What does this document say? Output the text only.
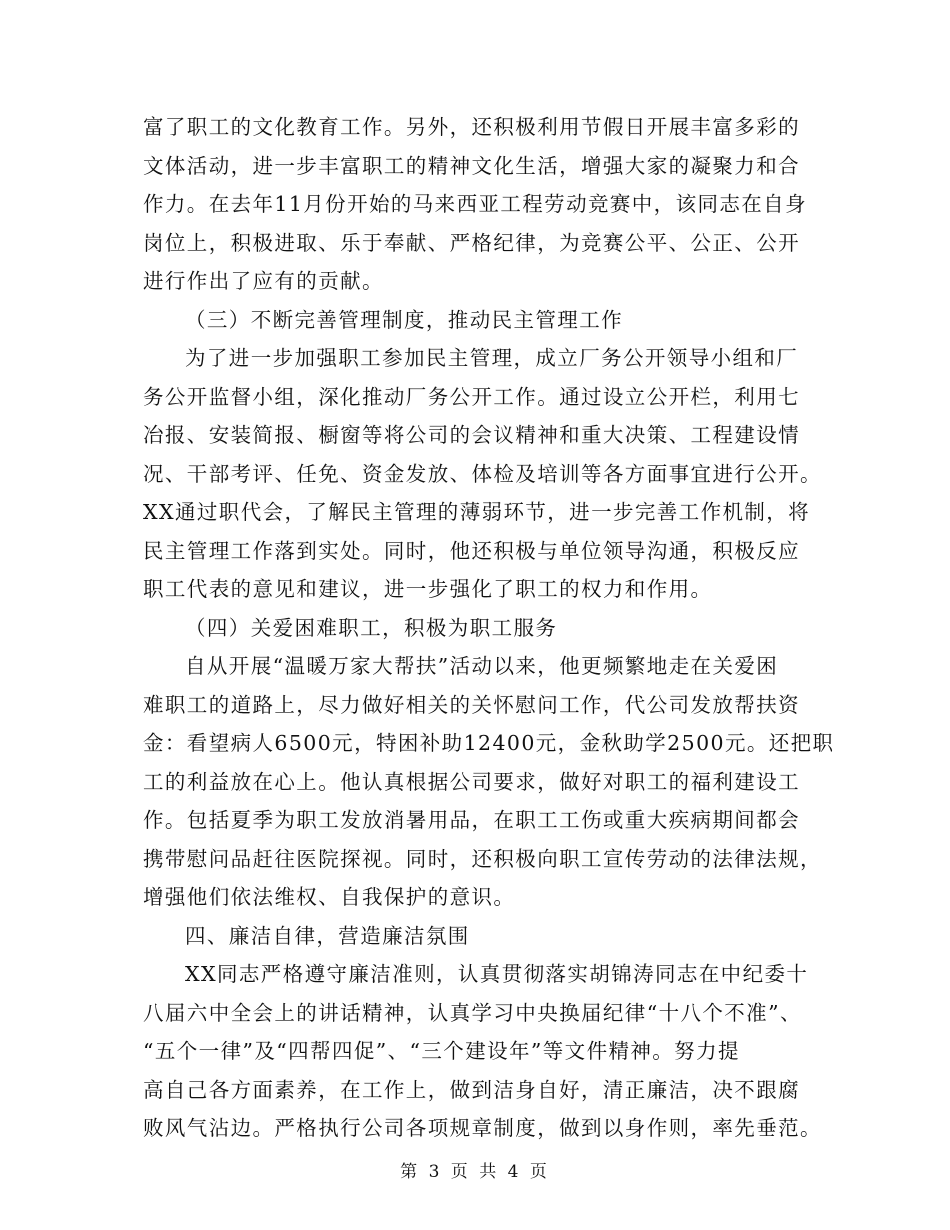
富了职工的文化教育工作。另外，还积极利用节假日开展丰富多彩的
文体活动，进一步丰富职工的精神文化生活，增强大家的凝聚力和合
作力。在去年11月份开始的马来西亚工程劳动竞赛中，该同志在自身
岗位上，积极进取、乐于奉献、严格纪律，为竞赛公平、公正、公开
进行作出了应有的贡献。
（三）不断完善管理制度，推动民主管理工作
为了进一步加强职工参加民主管理，成立厂务公开领导小组和厂
务公开监督小组，深化推动厂务公开工作。通过设立公开栏，利用七
冶报、安装简报、橱窗等将公司的会议精神和重大决策、工程建设情
况、干部考评、任免、资金发放、体检及培训等各方面事宜进行公开。
XX通过职代会，了解民主管理的薄弱环节，进一步完善工作机制，将
民主管理工作落到实处。同时，他还积极与单位领导沟通，积极反应
职工代表的意见和建议，进一步强化了职工的权力和作用。
（四）关爱困难职工，积极为职工服务
自从开展“温暖万家大帮扶”活动以来，他更频繁地走在关爱困
难职工的道路上，尽力做好相关的关怀慰问工作，代公司发放帮扶资
金：看望病人6500元，特困补助12400元，金秋助学2500元。还把职
工的利益放在心上。他认真根据公司要求，做好对职工的福利建设工
作。包括夏季为职工发放消暑用品，在职工工伤或重大疾病期间都会
携带慰问品赶往医院探视。同时，还积极向职工宣传劳动的法律法规，
增强他们依法维权、自我保护的意识。
四、廉洁自律，营造廉洁氛围
XX同志严格遵守廉洁准则，认真贯彻落实胡锦涛同志在中纪委十
八届六中全会上的讲话精神，认真学习中央换届纪律“十八个不准”、
“五个一律”及“四帮四促”、“三个建设年”等文件精神。努力提
高自己各方面素养，在工作上，做到洁身自好，清正廉洁，决不跟腐
败风气沾边。严格执行公司各项规章制度，做到以身作则，率先垂范。
第 3 页 共 4 页
